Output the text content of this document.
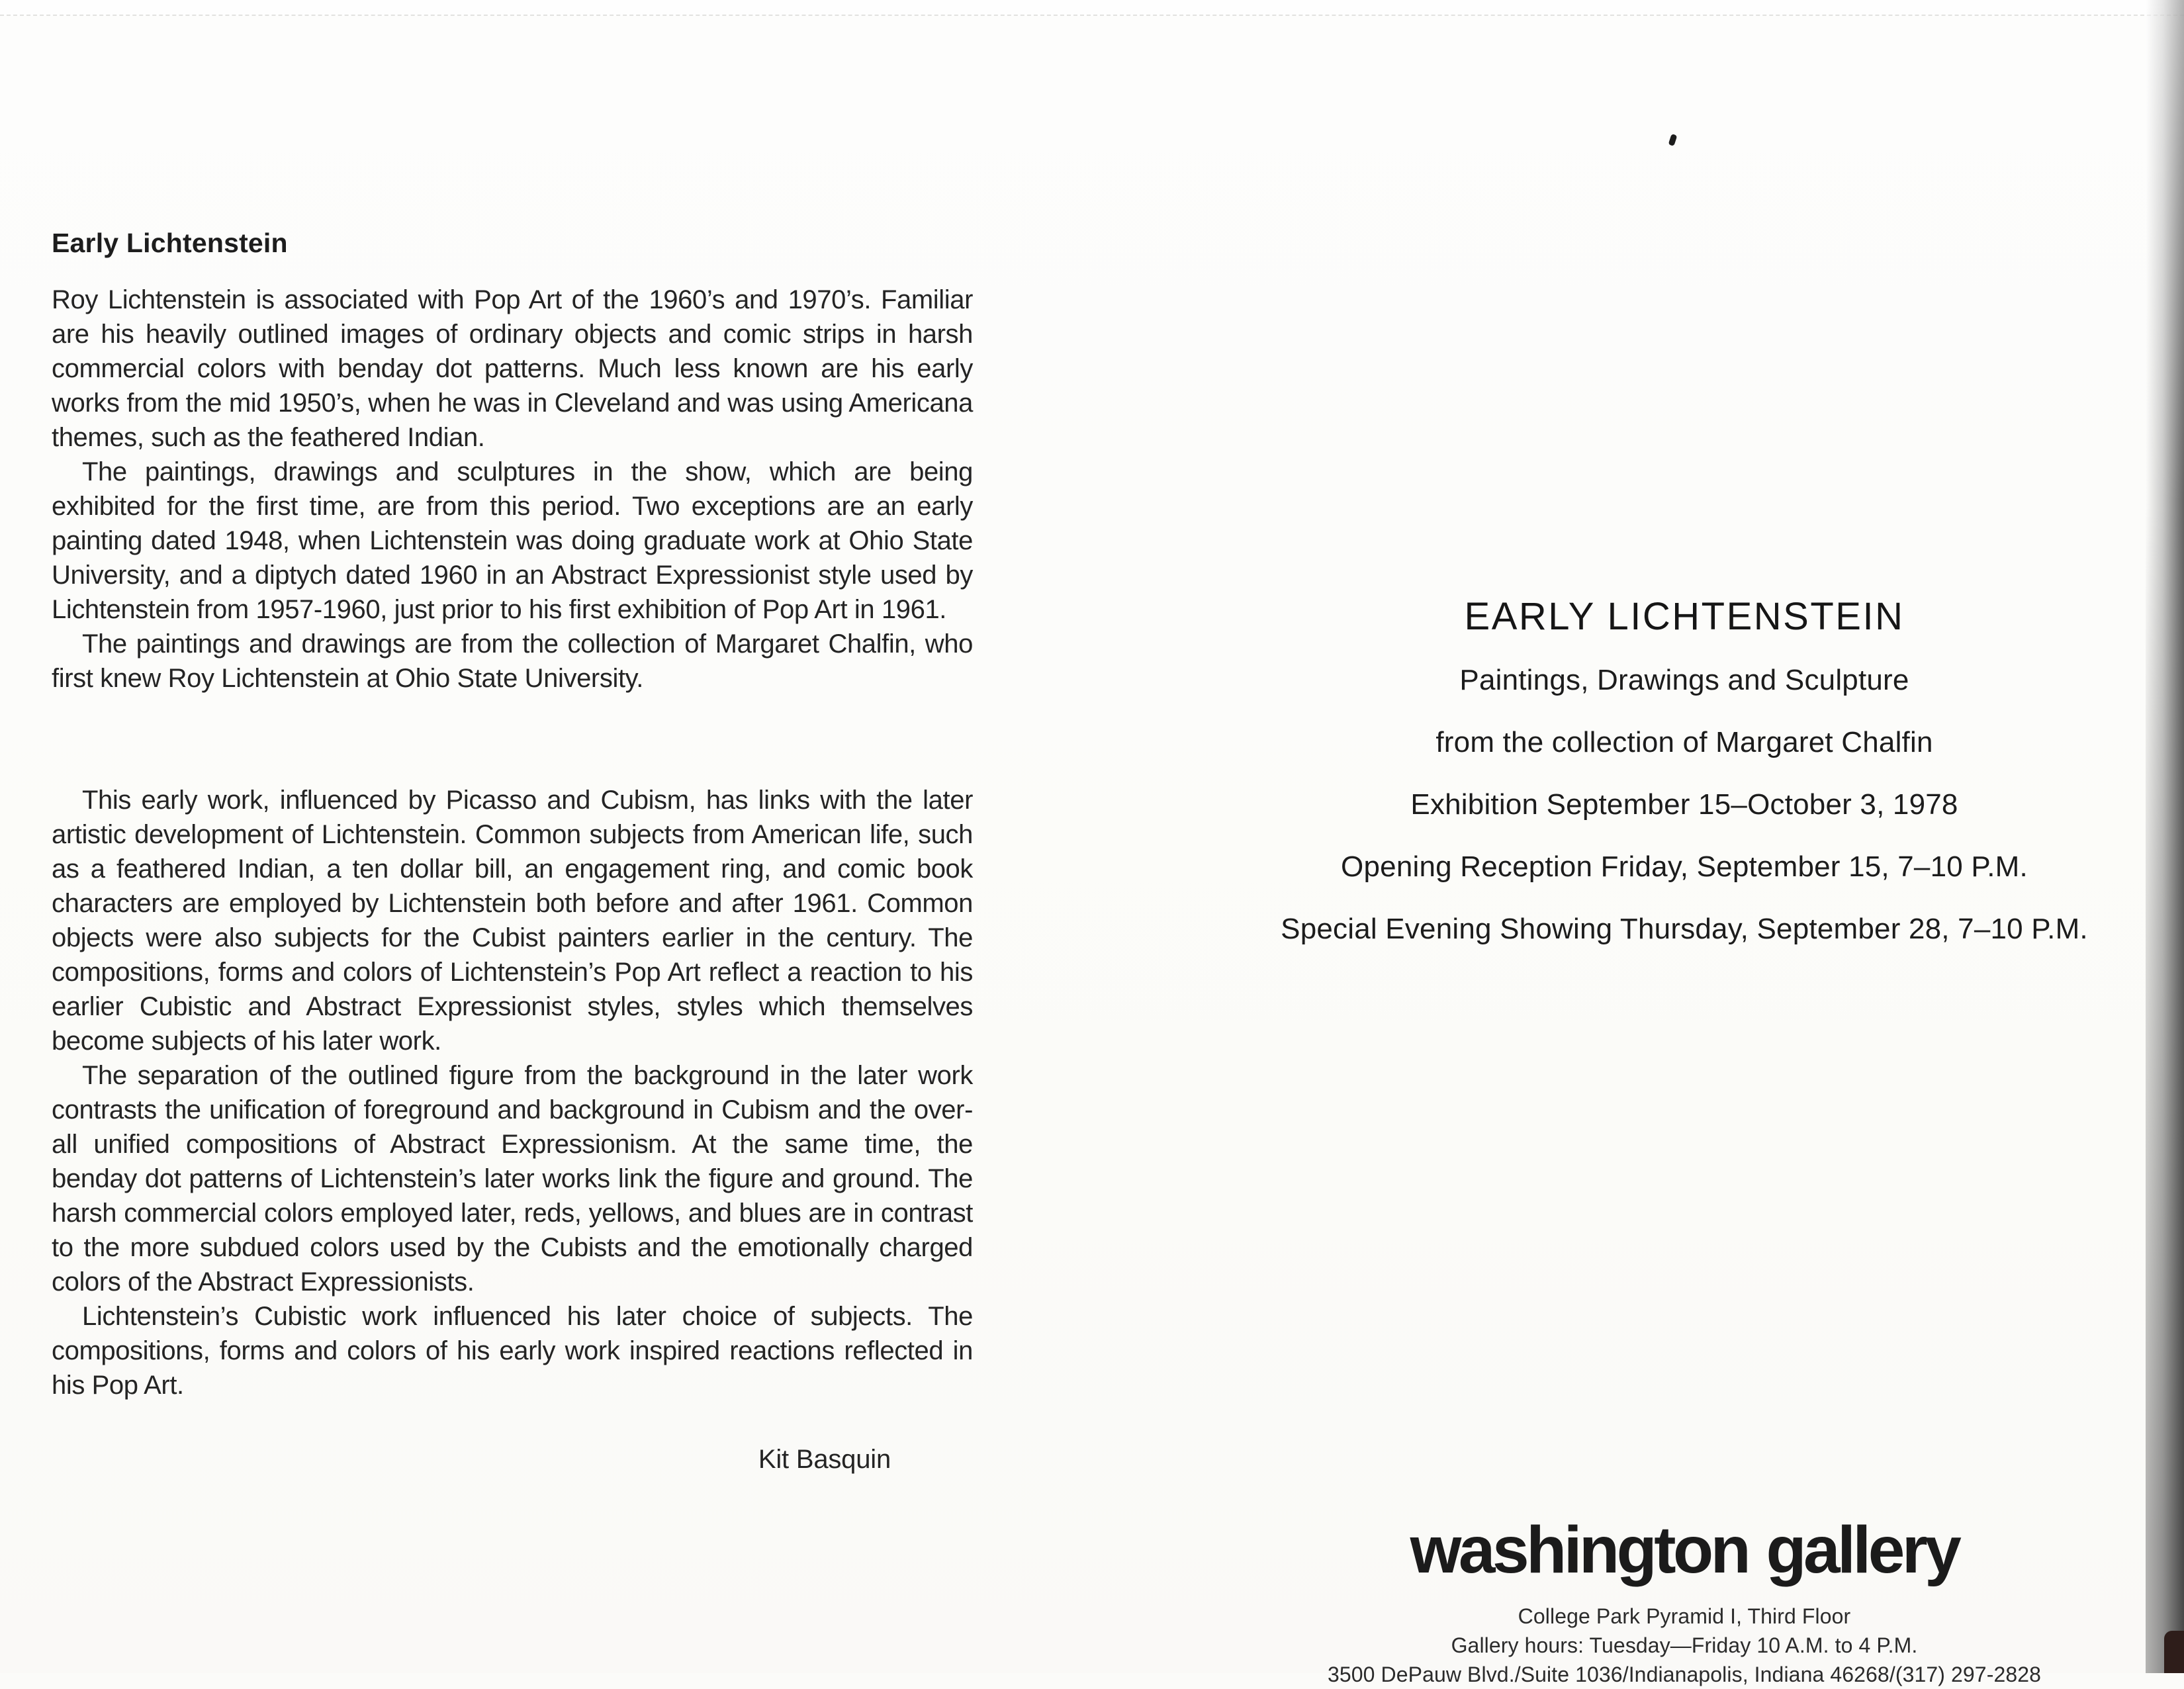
Early Lichtenstein

Roy Lichtenstein is associated with Pop Art of the 1960’s and 1970’s. Familiar are his heavily outlined images of ordinary objects and comic strips in harsh commercial colors with benday dot patterns. Much less known are his early works from the mid 1950’s, when he was in Cleveland and was using Americana themes, such as the feathered Indian.

The paintings, drawings and sculptures in the show, which are being exhibited for the first time, are from this period. Two exceptions are an early painting dated 1948, when Lichtenstein was doing graduate work at Ohio State University, and a diptych dated 1960 in an Abstract Expressionist style used by Lichtenstein from 1957-1960, just prior to his first exhibition of Pop Art in 1961.

The paintings and drawings are from the collection of Margaret Chalfin, who first knew Roy Lichtenstein at Ohio State University.

This early work, influenced by Picasso and Cubism, has links with the later artistic development of Lichtenstein. Common subjects from American life, such as a feathered Indian, a ten dollar bill, an engagement ring, and comic book characters are employed by Lichtenstein both before and after 1961. Common objects were also subjects for the Cubist painters earlier in the century. The compositions, forms and colors of Lichtenstein’s Pop Art reflect a reaction to his earlier Cubistic and Abstract Expressionist styles, styles which themselves become subjects of his later work.

The separation of the outlined figure from the background in the later work contrasts the unification of foreground and background in Cubism and the over-all unified compositions of Abstract Expressionism. At the same time, the benday dot patterns of Lichtenstein’s later works link the figure and ground. The harsh commercial colors employed later, reds, yellows, and blues are in contrast to the more subdued colors used by the Cubists and the emotionally charged colors of the Abstract Expressionists.

Lichtenstein’s Cubistic work influenced his later choice of subjects. The compositions, forms and colors of his early work inspired reactions reflected in his Pop Art.

Kit Basquin
EARLY LICHTENSTEIN
Paintings, Drawings and Sculpture
from the collection of Margaret Chalfin
Exhibition September 15–October 3, 1978
Opening Reception Friday, September 15, 7–10 P.M.
Special Evening Showing Thursday, September 28, 7–10 P.M.
washington gallery
College Park Pyramid I, Third Floor
Gallery hours: Tuesday—Friday 10 A.M. to 4 P.M.
3500 DePauw Blvd./Suite 1036/Indianapolis, Indiana 46268/(317) 297-2828
